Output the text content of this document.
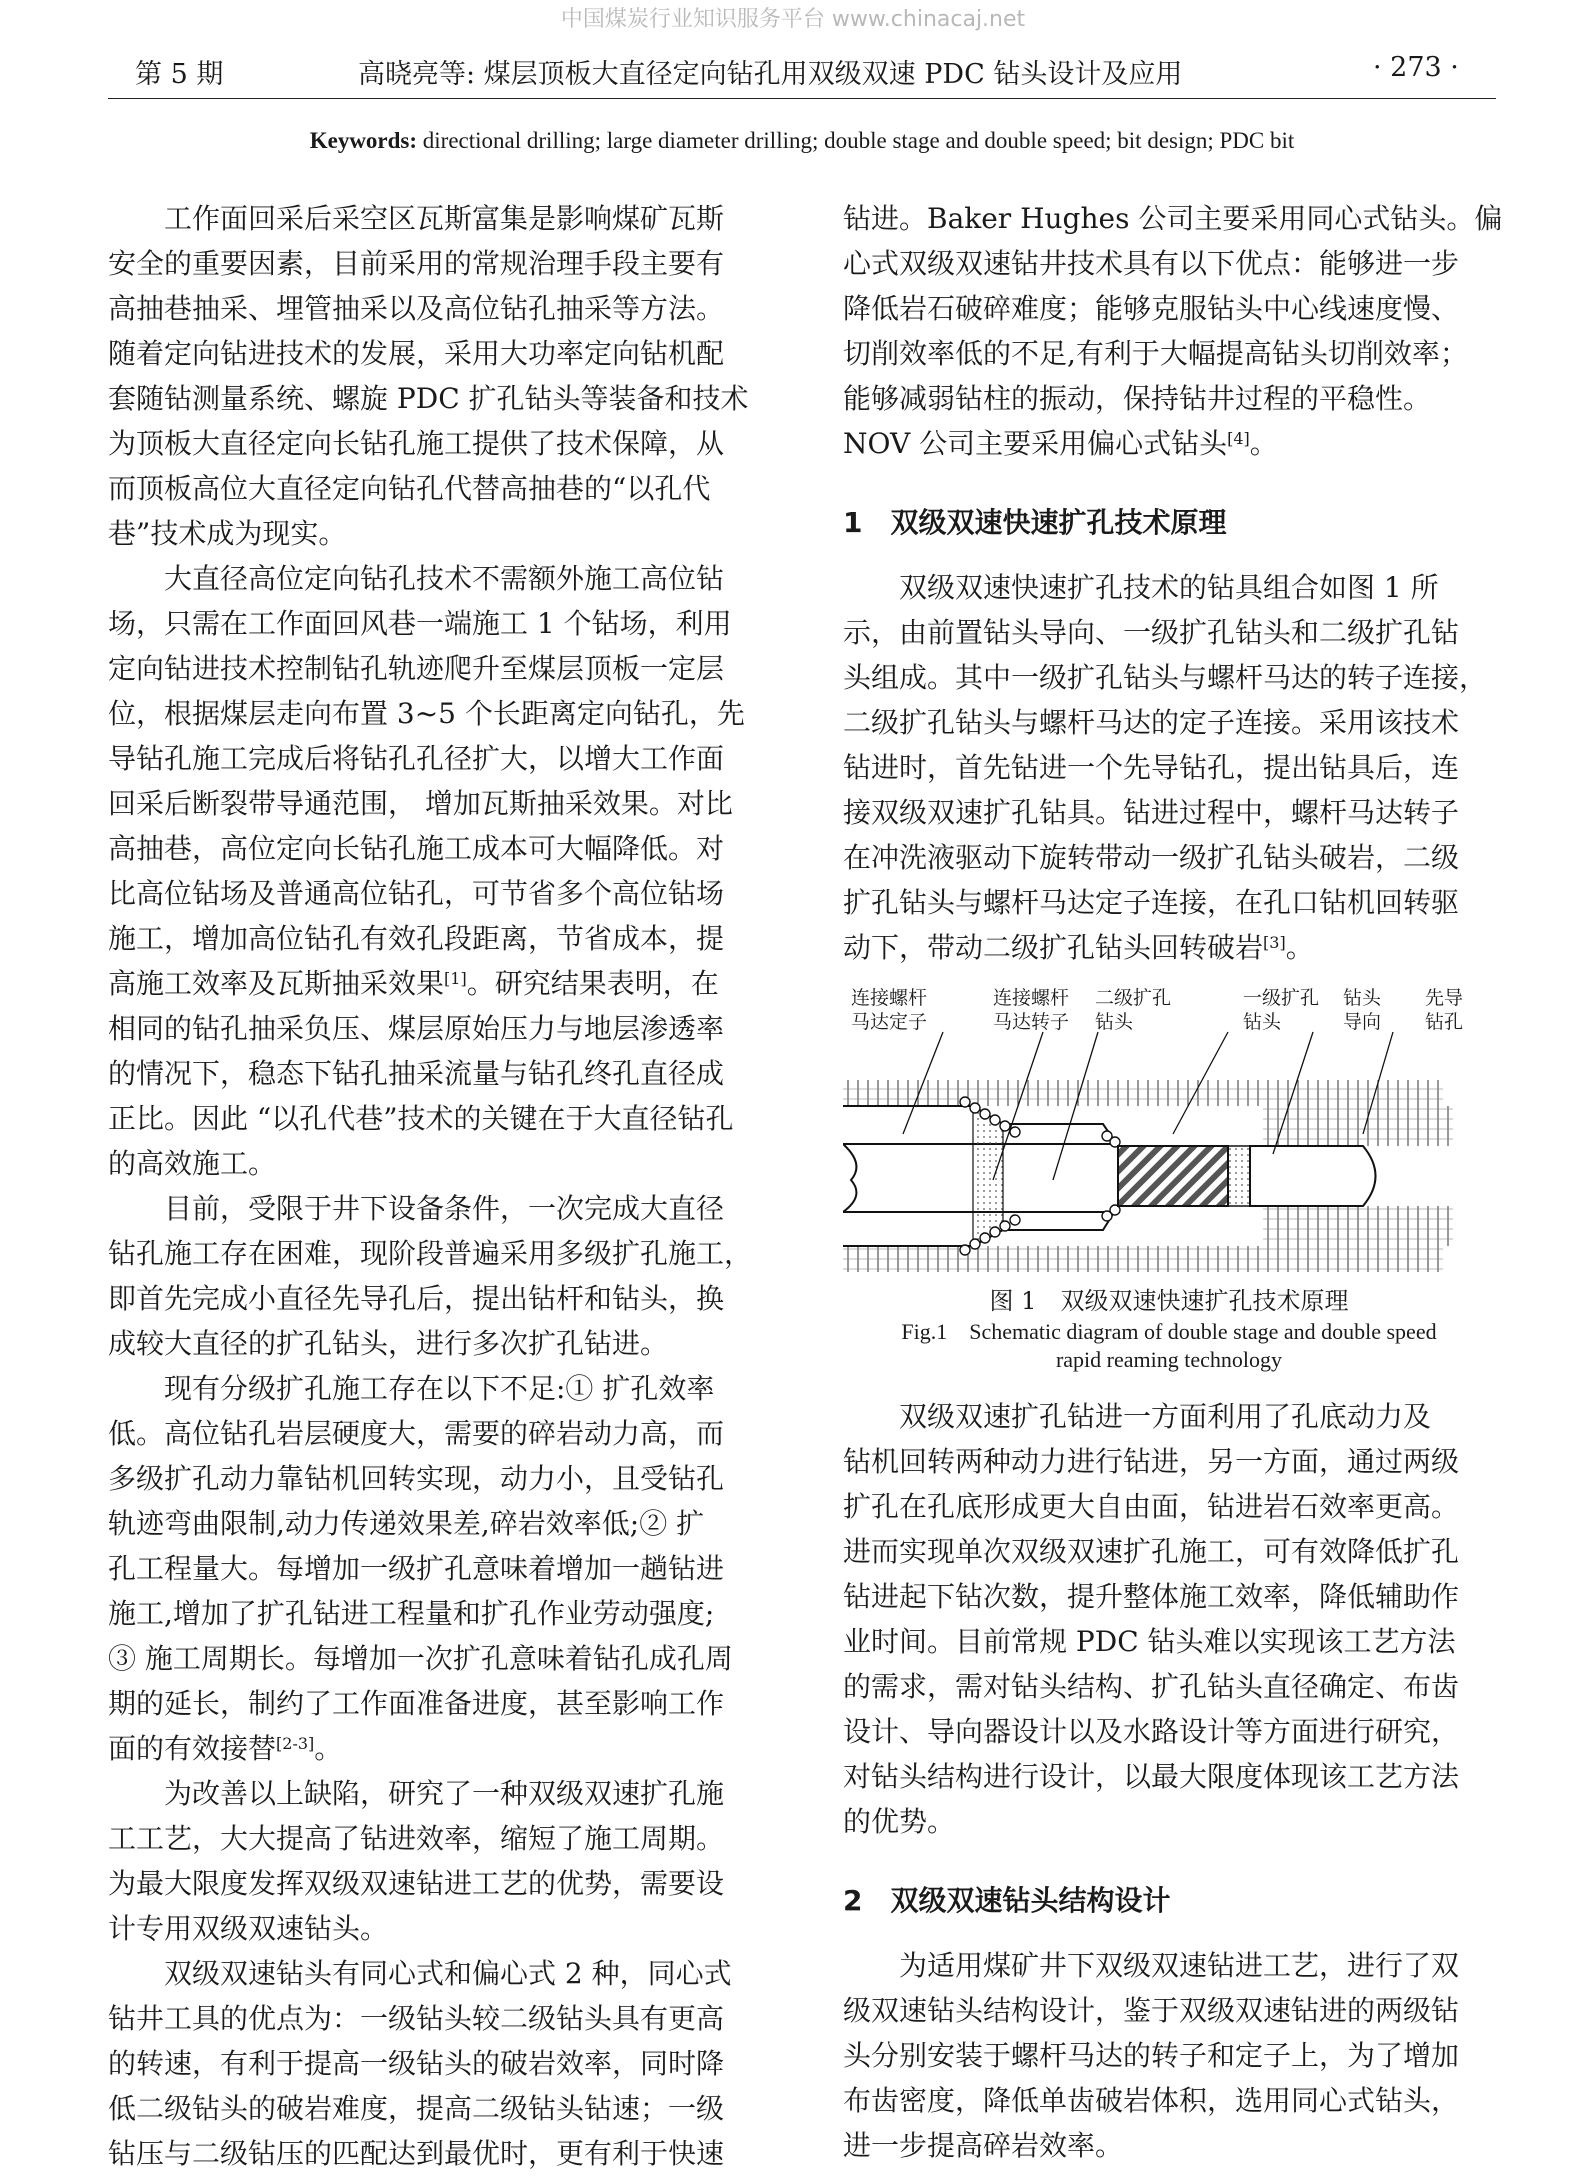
中国煤炭行业知识服务平台 www.chinacaj.net
第 5 期	高晓亮等: 煤层顶板大直径定向钻孔用双级双速 PDC 钻头设计及应用	· 273 ·
Keywords: directional drilling; large diameter drilling; double stage and double speed; bit design; PDC bit
工作面回采后采空区瓦斯富集是影响煤矿瓦斯
安全的重要因素，目前采用的常规治理手段主要有
高抽巷抽采、埋管抽采以及高位钻孔抽采等方法。
随着定向钻进技术的发展，采用大功率定向钻机配
套随钻测量系统、螺旋 PDC 扩孔钻头等装备和技术
为顶板大直径定向长钻孔施工提供了技术保障，从
而顶板高位大直径定向钻孔代替高抽巷的“以孔代
巷”技术成为现实。
大直径高位定向钻孔技术不需额外施工高位钻
场，只需在工作面回风巷一端施工 1 个钻场，利用
定向钻进技术控制钻孔轨迹爬升至煤层顶板一定层
位，根据煤层走向布置 3~5 个长距离定向钻孔，先
导钻孔施工完成后将钻孔孔径扩大，以增大工作面
回采后断裂带导通范围， 增加瓦斯抽采效果。对比
高抽巷，高位定向长钻孔施工成本可大幅降低。对
比高位钻场及普通高位钻孔，可节省多个高位钻场
施工，增加高位钻孔有效孔段距离，节省成本，提
高施工效率及瓦斯抽采效果[1]。研究结果表明，在
相同的钻孔抽采负压、煤层原始压力与地层渗透率
的情况下，稳态下钻孔抽采流量与钻孔终孔直径成
正比。因此 “以孔代巷”技术的关键在于大直径钻孔
的高效施工。
目前，受限于井下设备条件，一次完成大直径
钻孔施工存在困难，现阶段普遍采用多级扩孔施工，
即首先完成小直径先导孔后，提出钻杆和钻头，换
成较大直径的扩孔钻头，进行多次扩孔钻进。
现有分级扩孔施工存在以下不足:① 扩孔效率
低。高位钻孔岩层硬度大，需要的碎岩动力高，而
多级扩孔动力靠钻机回转实现，动力小，且受钻孔
轨迹弯曲限制,动力传递效果差,碎岩效率低;② 扩
孔工程量大。每增加一级扩孔意味着增加一趟钻进
施工,增加了扩孔钻进工程量和扩孔作业劳动强度;
③ 施工周期长。每增加一次扩孔意味着钻孔成孔周
期的延长，制约了工作面准备进度，甚至影响工作
面的有效接替[2-3]。
为改善以上缺陷，研究了一种双级双速扩孔施
工工艺，大大提高了钻进效率，缩短了施工周期。
为最大限度发挥双级双速钻进工艺的优势，需要设
计专用双级双速钻头。
双级双速钻头有同心式和偏心式 2 种，同心式
钻井工具的优点为：一级钻头较二级钻头具有更高
的转速，有利于提高一级钻头的破岩效率，同时降
低二级钻头的破岩难度，提高二级钻头钻速；一级
钻压与二级钻压的匹配达到最优时，更有利于快速
钻进。Baker Hughes 公司主要采用同心式钻头。偏
心式双级双速钻井技术具有以下优点：能够进一步
降低岩石破碎难度；能够克服钻头中心线速度慢、
切削效率低的不足,有利于大幅提高钻头切削效率；
能够减弱钻柱的振动，保持钻井过程的平稳性。
NOV 公司主要采用偏心式钻头[4]。
1　双级双速快速扩孔技术原理
双级双速快速扩孔技术的钻具组合如图 1 所
示，由前置钻头导向、一级扩孔钻头和二级扩孔钻
头组成。其中一级扩孔钻头与螺杆马达的转子连接，
二级扩孔钻头与螺杆马达的定子连接。采用该技术
钻进时，首先钻进一个先导钻孔，提出钻具后，连
接双级双速扩孔钻具。钻进过程中，螺杆马达转子
在冲洗液驱动下旋转带动一级扩孔钻头破岩，二级
扩孔钻头与螺杆马达定子连接，在孔口钻机回转驱
动下，带动二级扩孔钻头回转破岩[3]。
连接螺杆
马达定子
连接螺杆
马达转子
二级扩孔
钻头
一级扩孔
钻头
钻头
导向
先导
钻孔
图 1　双级双速快速扩孔技术原理
Fig.1　Schematic diagram of double stage and double speed
rapid reaming technology
双级双速扩孔钻进一方面利用了孔底动力及
钻机回转两种动力进行钻进，另一方面，通过两级
扩孔在孔底形成更大自由面，钻进岩石效率更高。
进而实现单次双级双速扩孔施工，可有效降低扩孔
钻进起下钻次数，提升整体施工效率，降低辅助作
业时间。目前常规 PDC 钻头难以实现该工艺方法
的需求，需对钻头结构、扩孔钻头直径确定、布齿
设计、导向器设计以及水路设计等方面进行研究，
对钻头结构进行设计，以最大限度体现该工艺方法
的优势。
2　双级双速钻头结构设计
为适用煤矿井下双级双速钻进工艺，进行了双
级双速钻头结构设计，鉴于双级双速钻进的两级钻
头分别安装于螺杆马达的转子和定子上，为了增加
布齿密度，降低单齿破岩体积，选用同心式钻头，
进一步提高碎岩效率。
